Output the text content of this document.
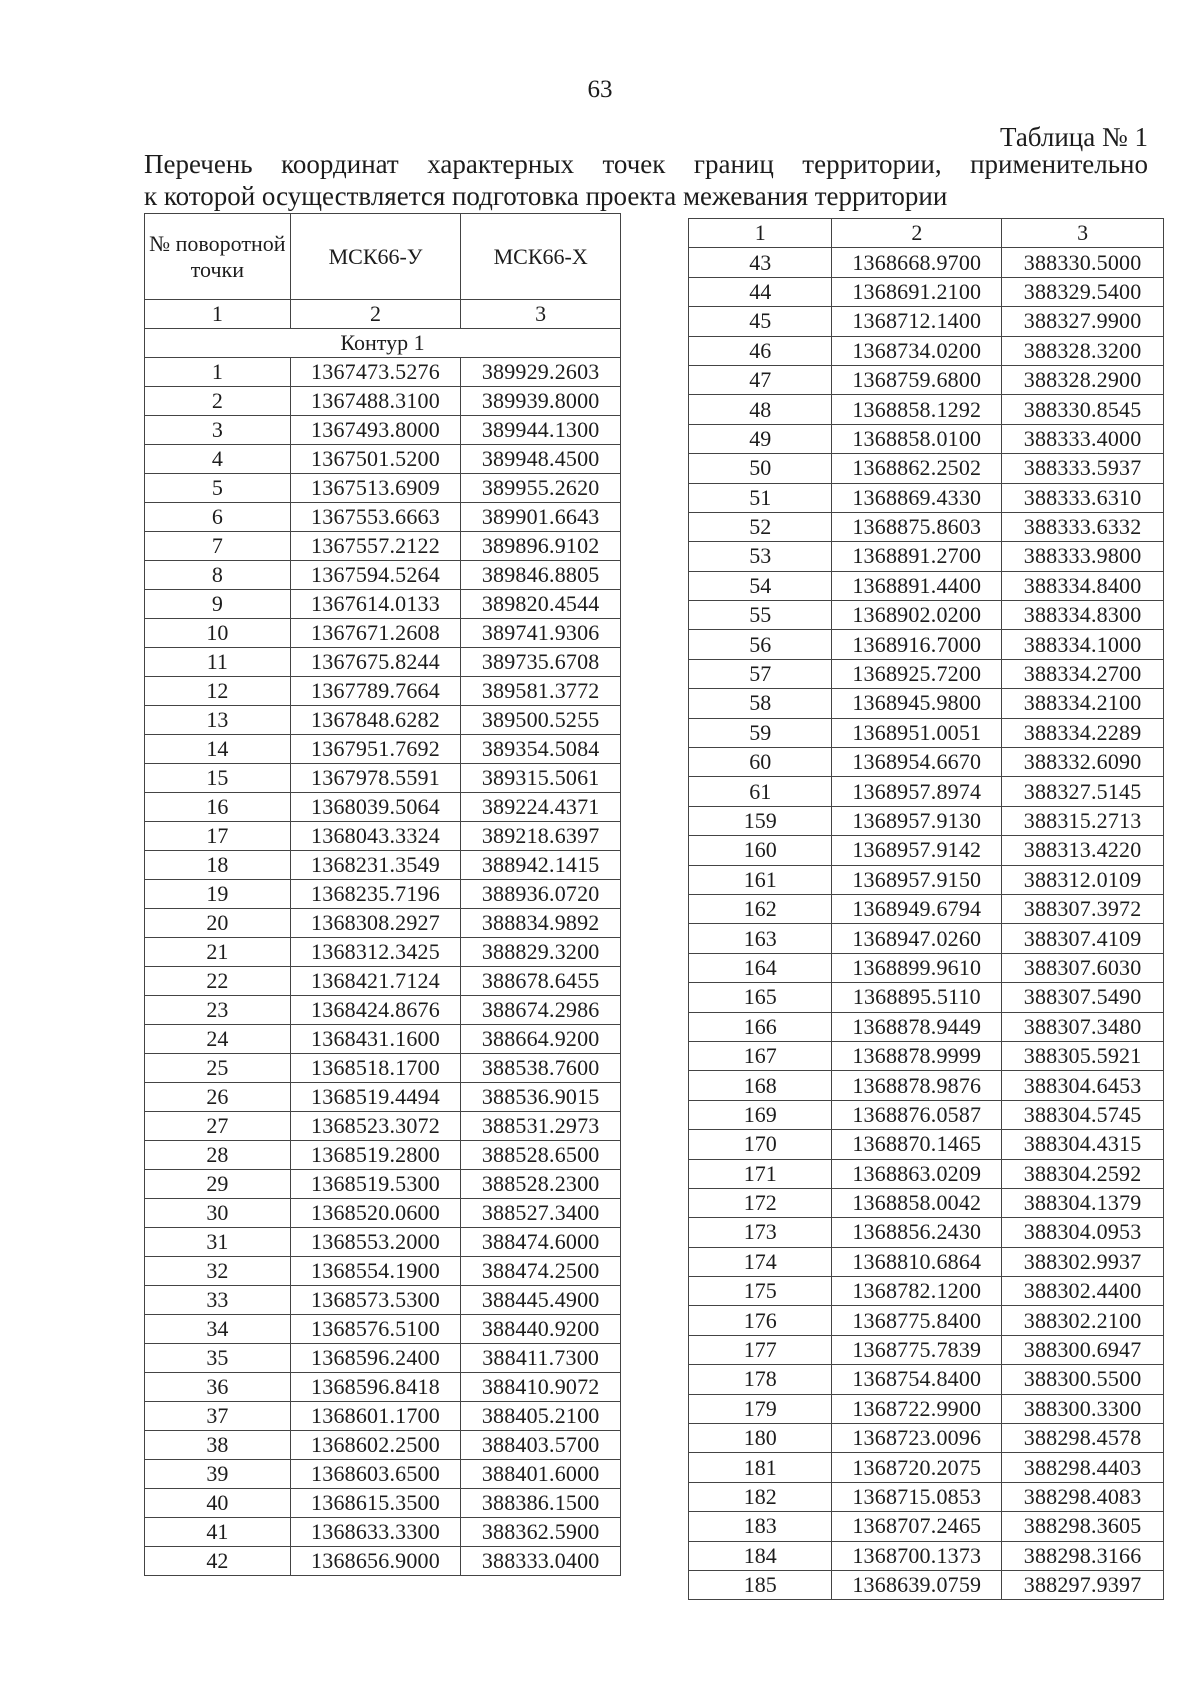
63
Таблица № 1
Перечень координат характерных точек границ территории, применительно
к которой осуществляется подготовка проекта межевания территории
№ поворотной точки	МСК66-У	МСК66-Х
1	2	3
Контур 1		
1	1367473.5276	389929.2603
2	1367488.3100	389939.8000
3	1367493.8000	389944.1300
4	1367501.5200	389948.4500
5	1367513.6909	389955.2620
6	1367553.6663	389901.6643
7	1367557.2122	389896.9102
8	1367594.5264	389846.8805
9	1367614.0133	389820.4544
10	1367671.2608	389741.9306
11	1367675.8244	389735.6708
12	1367789.7664	389581.3772
13	1367848.6282	389500.5255
14	1367951.7692	389354.5084
15	1367978.5591	389315.5061
16	1368039.5064	389224.4371
17	1368043.3324	389218.6397
18	1368231.3549	388942.1415
19	1368235.7196	388936.0720
20	1368308.2927	388834.9892
21	1368312.3425	388829.3200
22	1368421.7124	388678.6455
23	1368424.8676	388674.2986
24	1368431.1600	388664.9200
25	1368518.1700	388538.7600
26	1368519.4494	388536.9015
27	1368523.3072	388531.2973
28	1368519.2800	388528.6500
29	1368519.5300	388528.2300
30	1368520.0600	388527.3400
31	1368553.2000	388474.6000
32	1368554.1900	388474.2500
33	1368573.5300	388445.4900
34	1368576.5100	388440.9200
35	1368596.2400	388411.7300
36	1368596.8418	388410.9072
37	1368601.1700	388405.2100
38	1368602.2500	388403.5700
39	1368603.6500	388401.6000
40	1368615.3500	388386.1500
41	1368633.3300	388362.5900
42	1368656.9000	388333.0400
1	2	3
43	1368668.9700	388330.5000
44	1368691.2100	388329.5400
45	1368712.1400	388327.9900
46	1368734.0200	388328.3200
47	1368759.6800	388328.2900
48	1368858.1292	388330.8545
49	1368858.0100	388333.4000
50	1368862.2502	388333.5937
51	1368869.4330	388333.6310
52	1368875.8603	388333.6332
53	1368891.2700	388333.9800
54	1368891.4400	388334.8400
55	1368902.0200	388334.8300
56	1368916.7000	388334.1000
57	1368925.7200	388334.2700
58	1368945.9800	388334.2100
59	1368951.0051	388334.2289
60	1368954.6670	388332.6090
61	1368957.8974	388327.5145
159	1368957.9130	388315.2713
160	1368957.9142	388313.4220
161	1368957.9150	388312.0109
162	1368949.6794	388307.3972
163	1368947.0260	388307.4109
164	1368899.9610	388307.6030
165	1368895.5110	388307.5490
166	1368878.9449	388307.3480
167	1368878.9999	388305.5921
168	1368878.9876	388304.6453
169	1368876.0587	388304.5745
170	1368870.1465	388304.4315
171	1368863.0209	388304.2592
172	1368858.0042	388304.1379
173	1368856.2430	388304.0953
174	1368810.6864	388302.9937
175	1368782.1200	388302.4400
176	1368775.8400	388302.2100
177	1368775.7839	388300.6947
178	1368754.8400	388300.5500
179	1368722.9900	388300.3300
180	1368723.0096	388298.4578
181	1368720.2075	388298.4403
182	1368715.0853	388298.4083
183	1368707.2465	388298.3605
184	1368700.1373	388298.3166
185	1368639.0759	388297.9397
